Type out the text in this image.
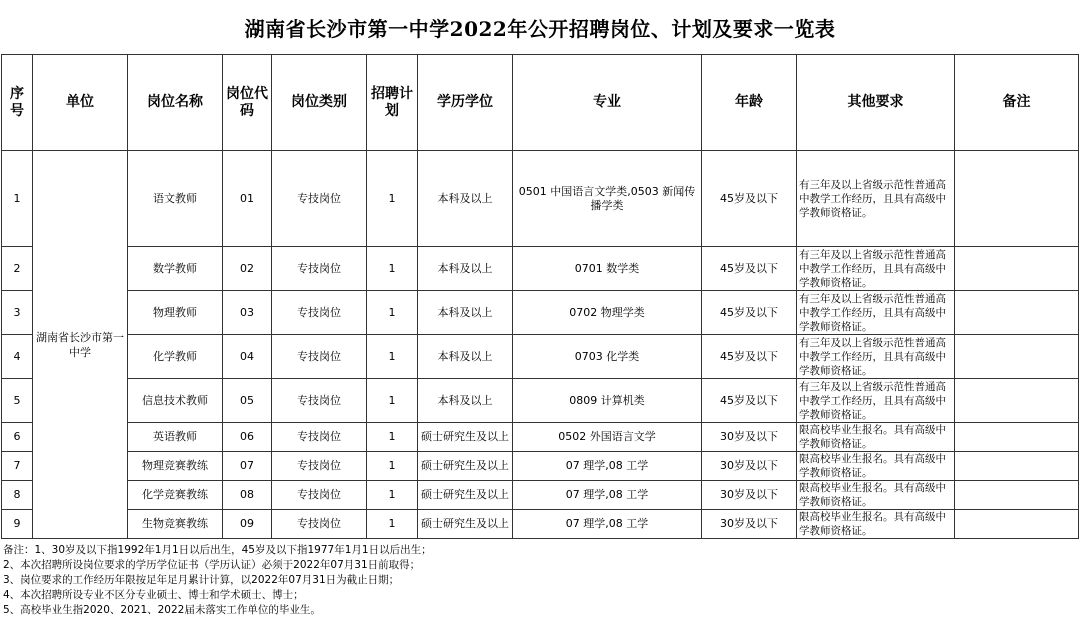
湖南省长沙市第一中学2022年公开招聘岗位、计划及要求一览表
序号	单位	岗位名称	岗位代码	岗位类别	招聘计划	学历学位	专业	年龄	其他要求	备注
1	湖南省长沙市第一中学	语文教师	01	专技岗位	1	本科及以上	0501 中国语言文学类,0503 新闻传播学类	45岁及以下	有三年及以上省级示范性普通高中教学工作经历，且具有高级中学教师资格证。	
2		数学教师	02	专技岗位	1	本科及以上	0701 数学类	45岁及以下	有三年及以上省级示范性普通高中教学工作经历，且具有高级中学教师资格证。	
3		物理教师	03	专技岗位	1	本科及以上	0702 物理学类	45岁及以下	有三年及以上省级示范性普通高中教学工作经历，且具有高级中学教师资格证。	
4		化学教师	04	专技岗位	1	本科及以上	0703 化学类	45岁及以下	有三年及以上省级示范性普通高中教学工作经历，且具有高级中学教师资格证。	
5		信息技术教师	05	专技岗位	1	本科及以上	0809 计算机类	45岁及以下	有三年及以上省级示范性普通高中教学工作经历，且具有高级中学教师资格证。	
6		英语教师	06	专技岗位	1	硕士研究生及以上	0502 外国语言文学	30岁及以下	限高校毕业生报名。具有高级中学教师资格证。	
7		物理竞赛教练	07	专技岗位	1	硕士研究生及以上	07 理学,08 工学	30岁及以下	限高校毕业生报名。具有高级中学教师资格证。	
8		化学竞赛教练	08	专技岗位	1	硕士研究生及以上	07 理学,08 工学	30岁及以下	限高校毕业生报名。具有高级中学教师资格证。	
9		生物竞赛教练	09	专技岗位	1	硕士研究生及以上	07 理学,08 工学	30岁及以下	限高校毕业生报名。具有高级中学教师资格证。	
备注：1、30岁及以下指1992年1月1日以后出生，45岁及以下指1977年1月1日以后出生；
2、本次招聘所设岗位要求的学历学位证书（学历认证）必须于2022年07月31日前取得；
3、岗位要求的工作经历年限按足年足月累计计算，以2022年07月31日为截止日期；
4、本次招聘所设专业不区分专业硕士、博士和学术硕士、博士；
5、高校毕业生指2020、2021、2022届未落实工作单位的毕业生。
